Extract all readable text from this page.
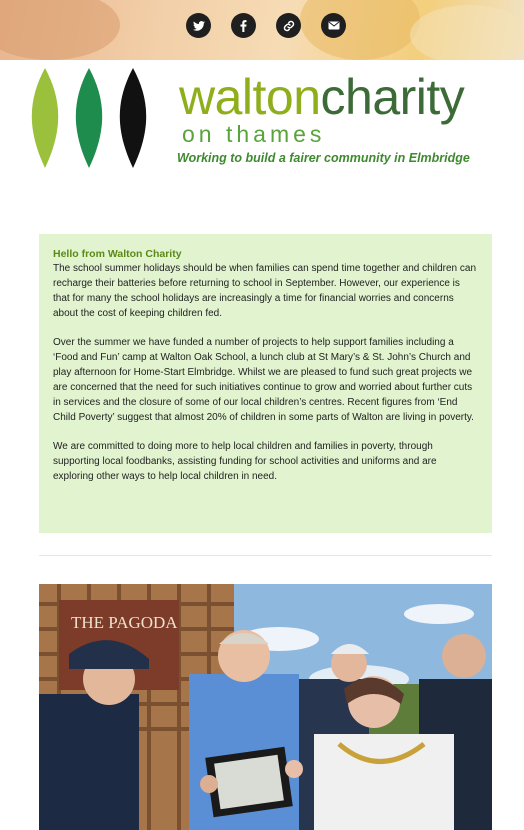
waltoncharity
on thames
Working to build a fairer community in Elmbridge
Hello from Walton Charity

The school summer holidays should be when families can spend time together and children can recharge their batteries before returning to school in September. However, our experience is that for many the school holidays are increasingly a time for financial worries and concerns about the cost of keeping children fed.

Over the summer we have funded a number of projects to help support families including a ‘Food and Fun’ camp at Walton Oak School, a lunch club at St Mary’s & St. John’s Church and play afternoon for Home-Start Elmbridge. Whilst we are pleased to fund such great projects we are concerned that the need for such initiatives continue to grow and worried about further cuts in services and the closure of some of our local children’s centres. Recent figures from ‘End Child Poverty’ suggest that almost 20% of children in some parts of Walton are living in poverty.

We are committed to doing more to help local children and families in poverty, through supporting local foodbanks, assisting funding for school activities and uniforms and are exploring other ways to help local children in need.

THE PAGODA
